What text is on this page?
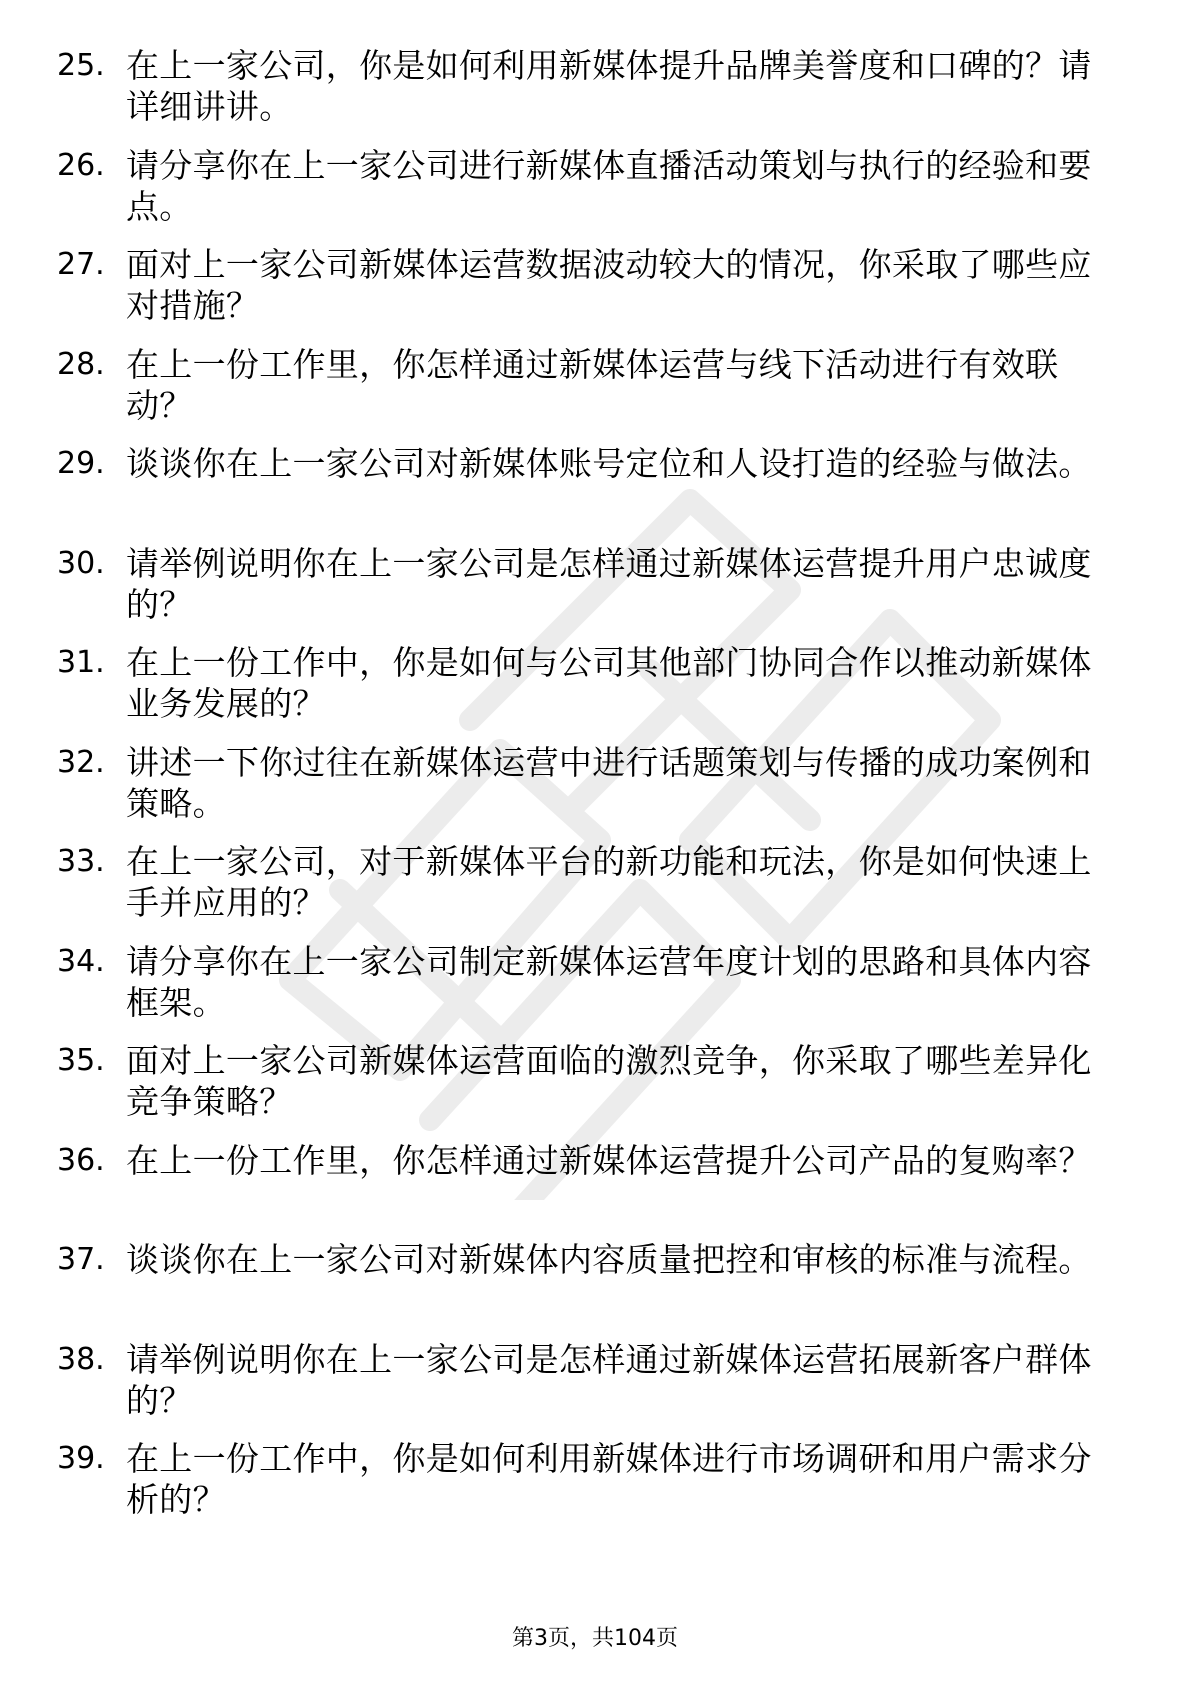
25. 在上一家公司，你是如何利用新媒体提升品牌美誉度和口碑的？请详细讲讲。
26. 请分享你在上一家公司进行新媒体直播活动策划与执行的经验和要点。
27. 面对上一家公司新媒体运营数据波动较大的情况，你采取了哪些应对措施？
28. 在上一份工作里，你怎样通过新媒体运营与线下活动进行有效联动？
29. 谈谈你在上一家公司对新媒体账号定位和人设打造的经验与做法。
30. 请举例说明你在上一家公司是怎样通过新媒体运营提升用户忠诚度的？
31. 在上一份工作中，你是如何与公司其他部门协同合作以推动新媒体业务发展的？
32. 讲述一下你过往在新媒体运营中进行话题策划与传播的成功案例和策略。
33. 在上一家公司，对于新媒体平台的新功能和玩法，你是如何快速上手并应用的？
34. 请分享你在上一家公司制定新媒体运营年度计划的思路和具体内容框架。
35. 面对上一家公司新媒体运营面临的激烈竞争，你采取了哪些差异化竞争策略？
36. 在上一份工作里，你怎样通过新媒体运营提升公司产品的复购率？
37. 谈谈你在上一家公司对新媒体内容质量把控和审核的标准与流程。
38. 请举例说明你在上一家公司是怎样通过新媒体运营拓展新客户群体的？
39. 在上一份工作中，你是如何利用新媒体进行市场调研和用户需求分析的？
第3页，共104页
